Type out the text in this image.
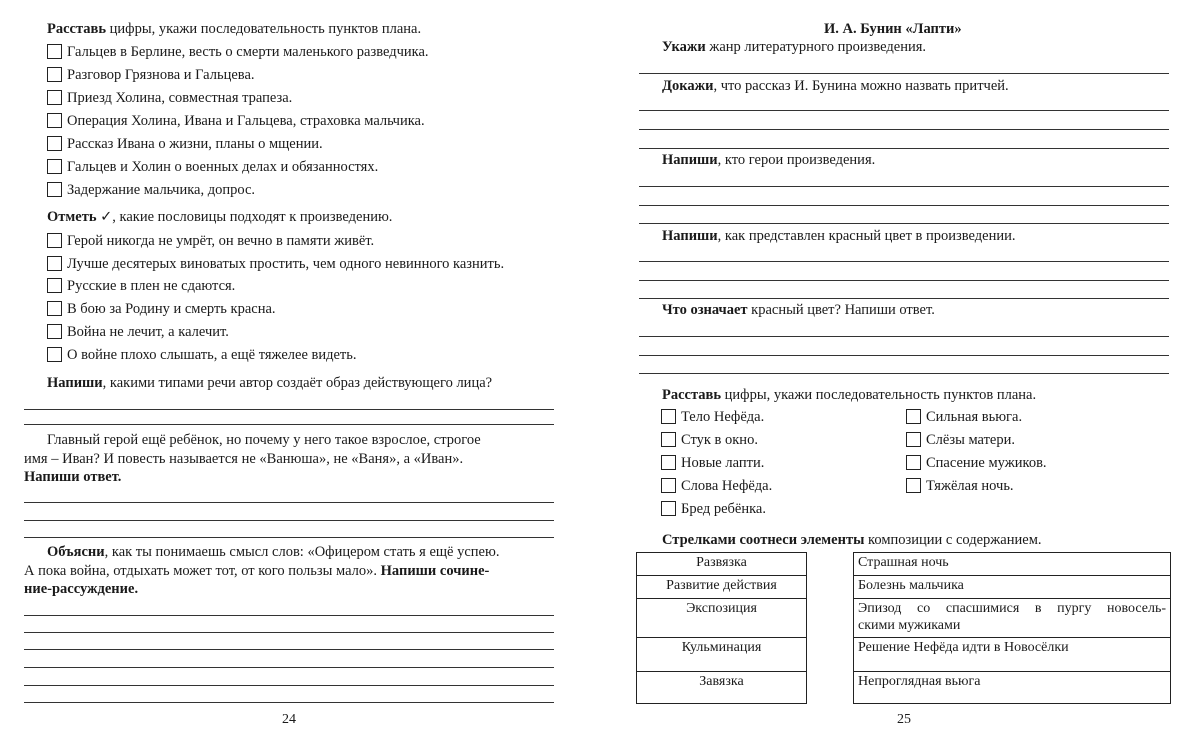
Расставь цифры, укажи последовательность пунктов плана.
Гальцев в Берлине, весть о смерти маленького разведчика.
Разговор Грязнова и Гальцева.
Приезд Холина, совместная трапеза.
Операция Холина, Ивана и Гальцева, страховка мальчика.
Рассказ Ивана о жизни, планы о мщении.
Гальцев и Холин о военных делах и обязанностях.
Задержание мальчика, допрос.
Отметь ✓, какие пословицы подходят к произведению.
Герой никогда не умрёт, он вечно в памяти живёт.
Лучше десятерых виноватых простить, чем одного невинного казнить.
Русские в плен не сдаются.
В бою за Родину и смерть красна.
Война не лечит, а калечит.
О войне плохо слышать, а ещё тяжелее видеть.
Напиши, какими типами речи автор создаёт образ действующего лица?
Главный герой ещё ребёнок, но почему у него такое взрослое, строгое
имя – Иван? И повесть называется не «Ванюша», не «Ваня», а «Иван».
Напиши ответ.
Объясни, как ты понимаешь смысл слов: «Офицером стать я ещё успею.
А пока война, отдыхать может тот, от кого пользы мало». Напиши сочине-
ние-рассуждение.
24
И. А. Бунин «Лапти»
Укажи жанр литературного произведения.
Докажи, что рассказ И. Бунина можно назвать притчей.
Напиши, кто герои произведения.
Напиши, как представлен красный цвет в произведении.
Что означает красный цвет? Напиши ответ.
Расставь цифры, укажи последовательность пунктов плана.
Тело Нефёда.
Стук в окно.
Новые лапти.
Слова Нефёда.
Бред ребёнка.
Сильная вьюга.
Слёзы матери.
Спасение мужиков.
Тяжёлая ночь.
Стрелками соотнеси элементы композиции с содержанием.
Развязка
Развитие действия
Экспозиция
Кульминация
Завязка
Страшная ночь
Болезнь мальчика
Эпизод со спасшимися в пургу новосель-
скими мужиками
Решение Нефёда идти в Новосёлки
Непроглядная вьюга
25
